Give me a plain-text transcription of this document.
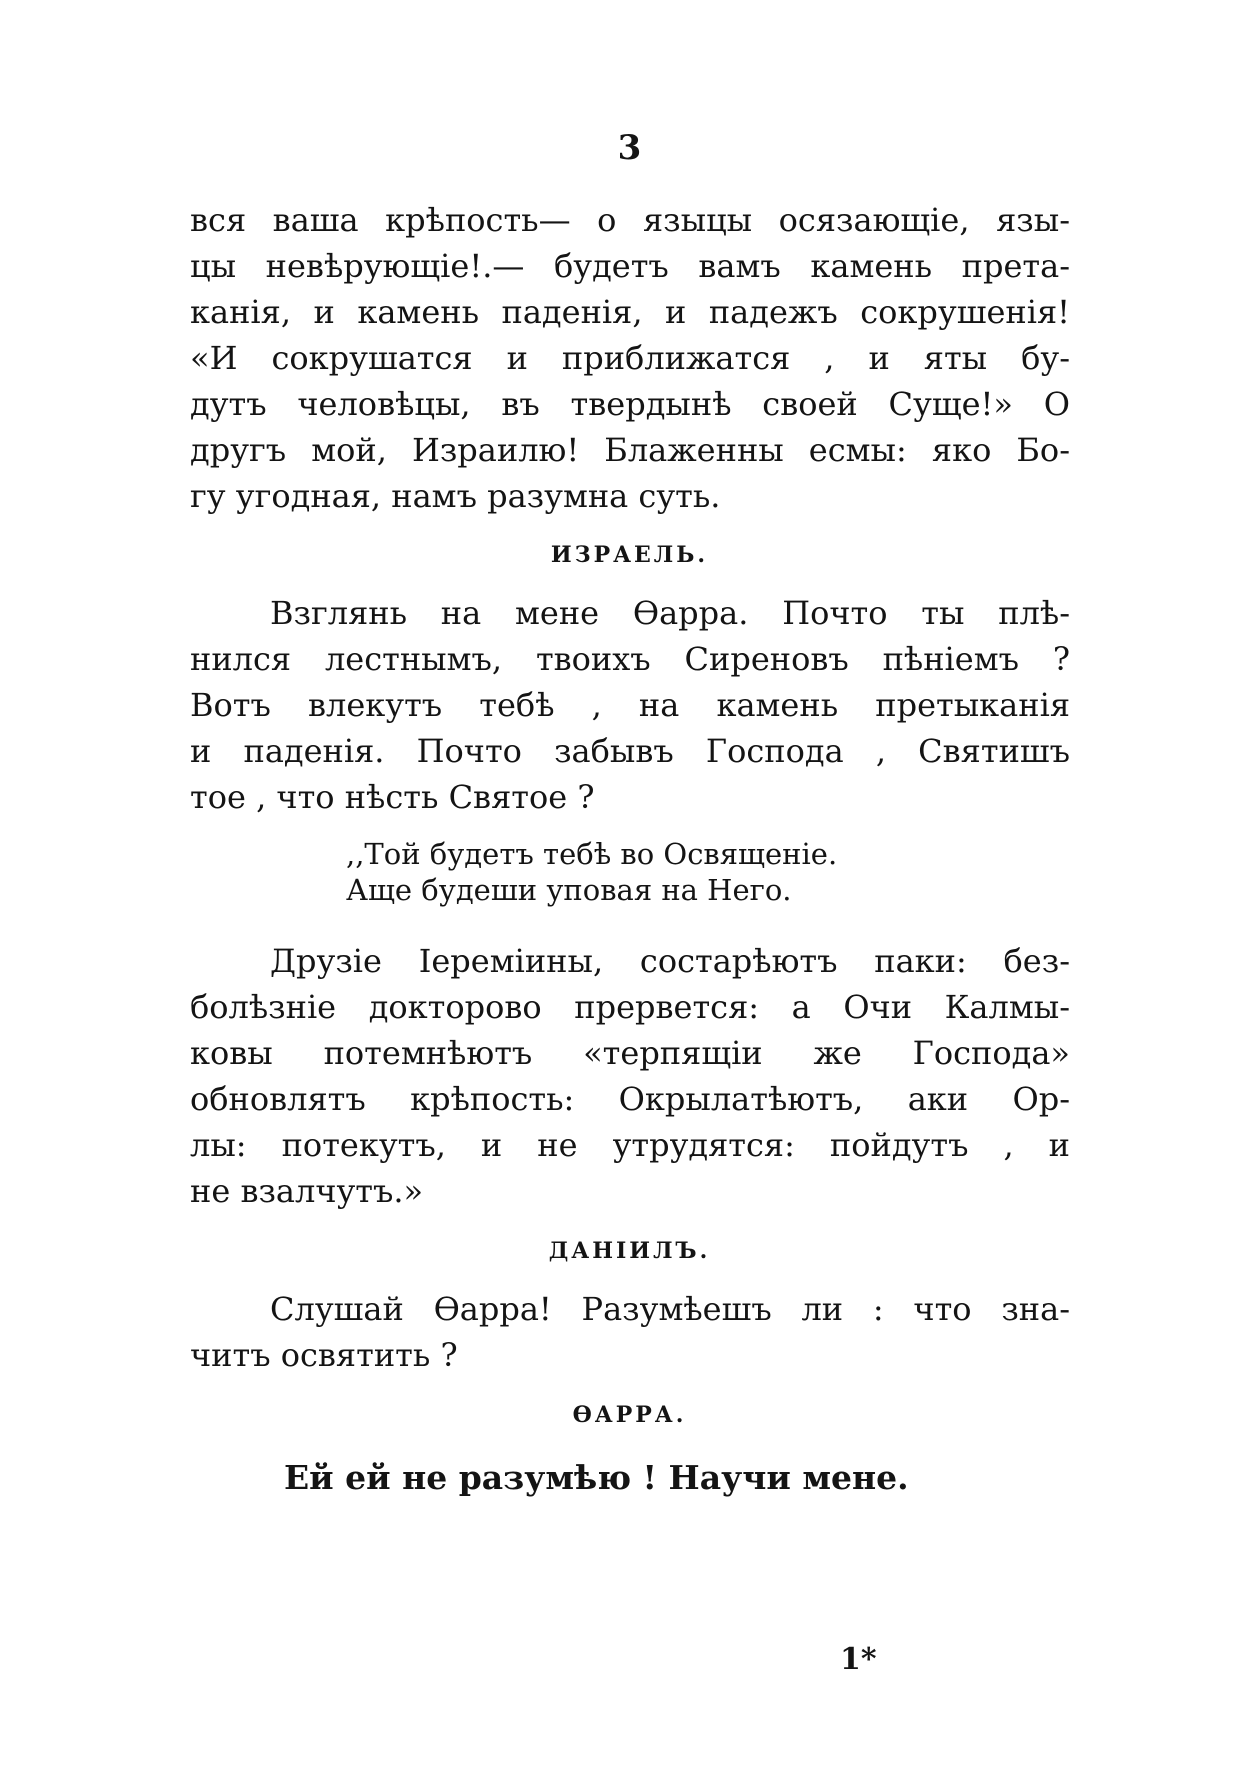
3
вся ваша крѣпость— о языцы осязающіе, язы-
цы невѣрующіе!.— будетъ вамъ камень прета-
канія, и камень паденія, и падежъ сокрушенія!
«И сокрушатся и приближатся , и яты бу-
дутъ человѣцы, въ твердынѣ своей Суще!» О
другъ мой, Израилю! Блаженны есмы: яко Бо-
гу угодная, намъ разумна суть.
ИЗРАЕЛЬ.
Взглянь на мене Өарра. Почто ты плѣ-
нился лестнымъ, твоихъ Сиреновъ пѣніемъ ?
Вотъ влекутъ тебѣ , на камень претыканія
и паденія. Почто забывъ Господа , Святишъ
тое , что нѣсть Святое ?
,,Той будетъ тебѣ во Освященіе.
Аще будеши уповая на Него.
Друзіе Іереміины, состарѣютъ паки: без-
болѣзніе докторово прервется: а Очи Калмы-
ковы потемнѣютъ «терпящіи же Господа»
обновлятъ крѣпость: Окрылатѣютъ, аки Ор-
лы: потекутъ, и не утрудятся: пойдутъ , и
не взалчутъ.»
ДАНІИЛЪ.
Слушай Өарра! Разумѣешъ ли : что зна-
читъ освятить ?
ӨАРРА.
Ей ей не разумѣю ! Научи мене.
1*
